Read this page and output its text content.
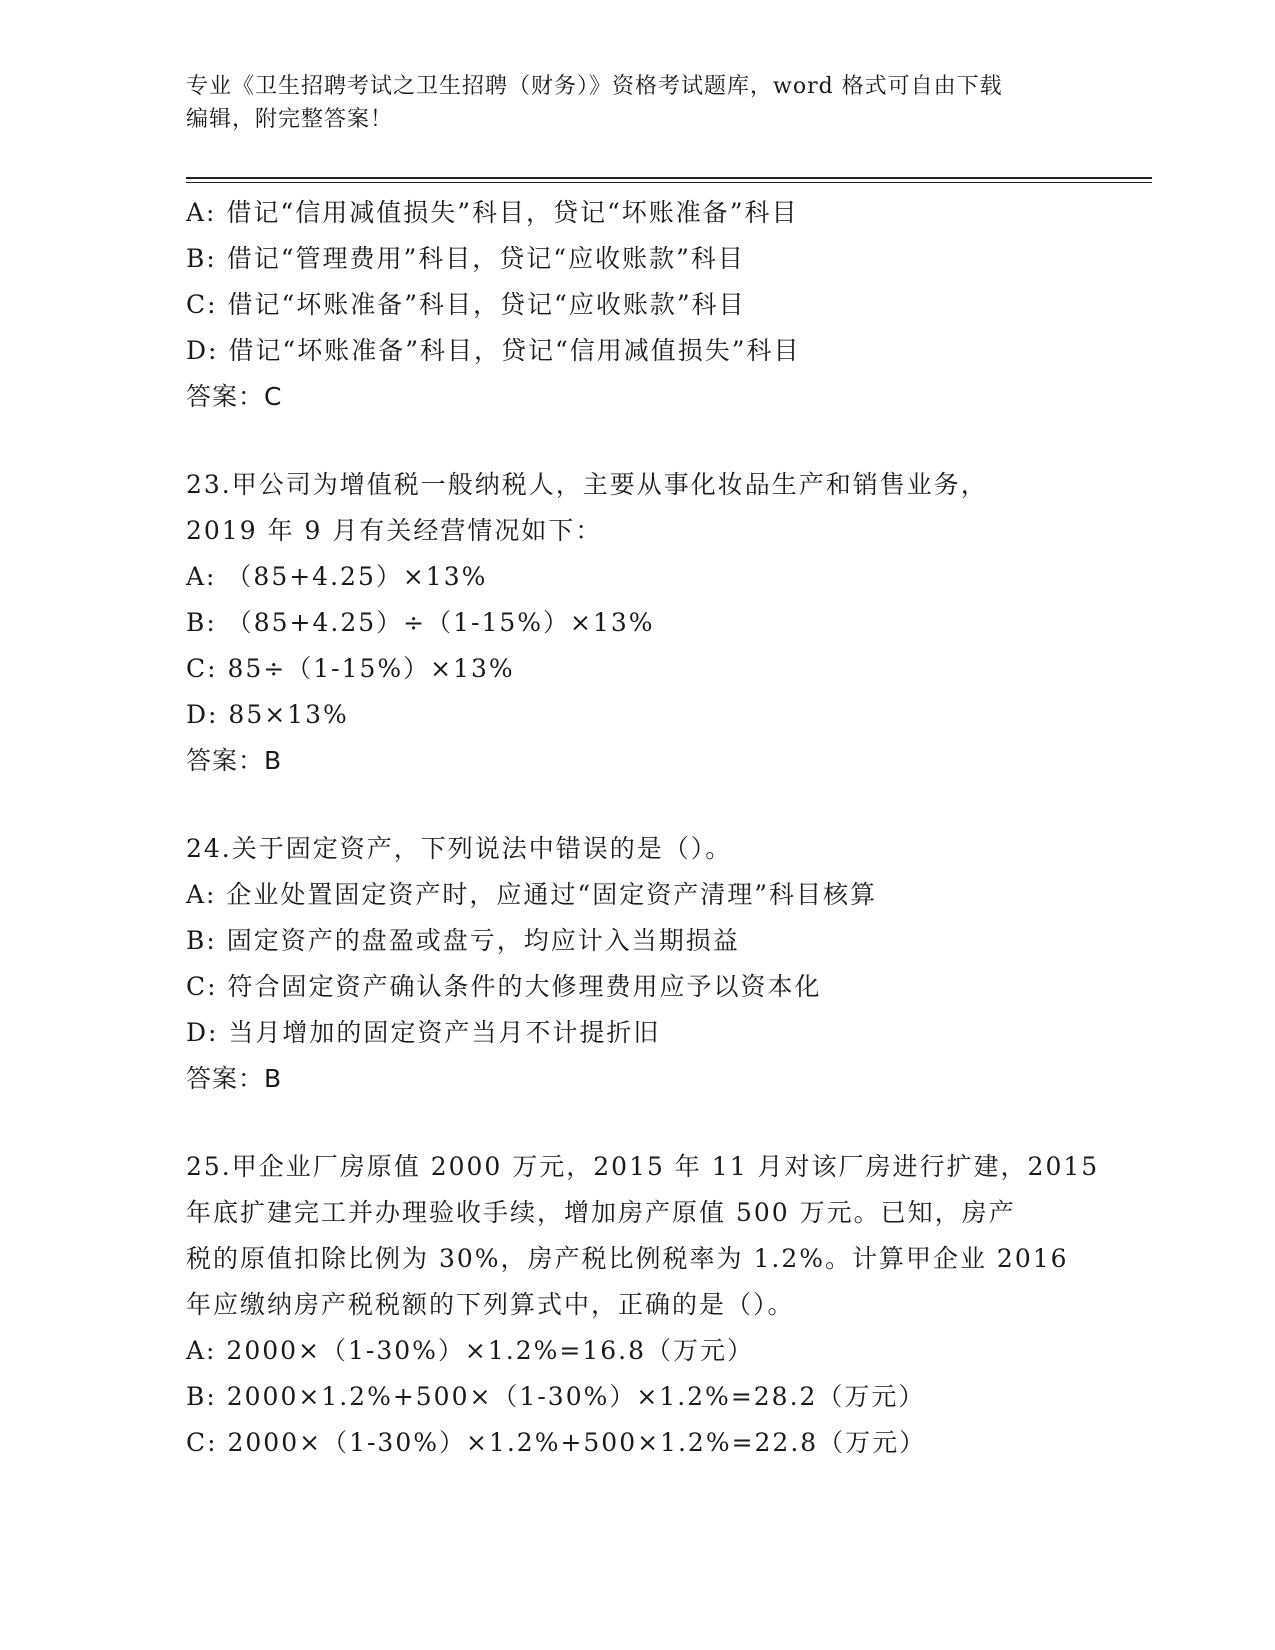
专业《卫生招聘考试之卫生招聘（财务）》资格考试题库，word 格式可自由下载
编辑，附完整答案！
A: 借记“信用减值损失”科目，贷记“坏账准备”科目
B: 借记“管理费用”科目，贷记“应收账款”科目
C: 借记“坏账准备”科目，贷记“应收账款”科目
D: 借记“坏账准备”科目，贷记“信用减值损失”科目
答案：C
23.甲公司为增值税一般纳税人，主要从事化妆品生产和销售业务，
2019 年 9 月有关经营情况如下：
A: （85+4.25）×13%
B: （85+4.25）÷（1-15%）×13%
C: 85÷（1-15%）×13%
D: 85×13%
答案：B
24.关于固定资产，下列说法中错误的是（）。
A: 企业处置固定资产时，应通过“固定资产清理”科目核算
B: 固定资产的盘盈或盘亏，均应计入当期损益
C: 符合固定资产确认条件的大修理费用应予以资本化
D: 当月增加的固定资产当月不计提折旧
答案：B
25.甲企业厂房原值 2000 万元，2015 年 11 月对该厂房进行扩建，2015
年底扩建完工并办理验收手续，增加房产原值 500 万元。已知，房产
税的原值扣除比例为 30%，房产税比例税率为 1.2%。计算甲企业 2016
年应缴纳房产税税额的下列算式中，正确的是（）。
A: 2000×（1-30%）×1.2%=16.8（万元）
B: 2000×1.2%+500×（1-30%）×1.2%=28.2（万元）
C: 2000×（1-30%）×1.2%+500×1.2%=22.8（万元）
